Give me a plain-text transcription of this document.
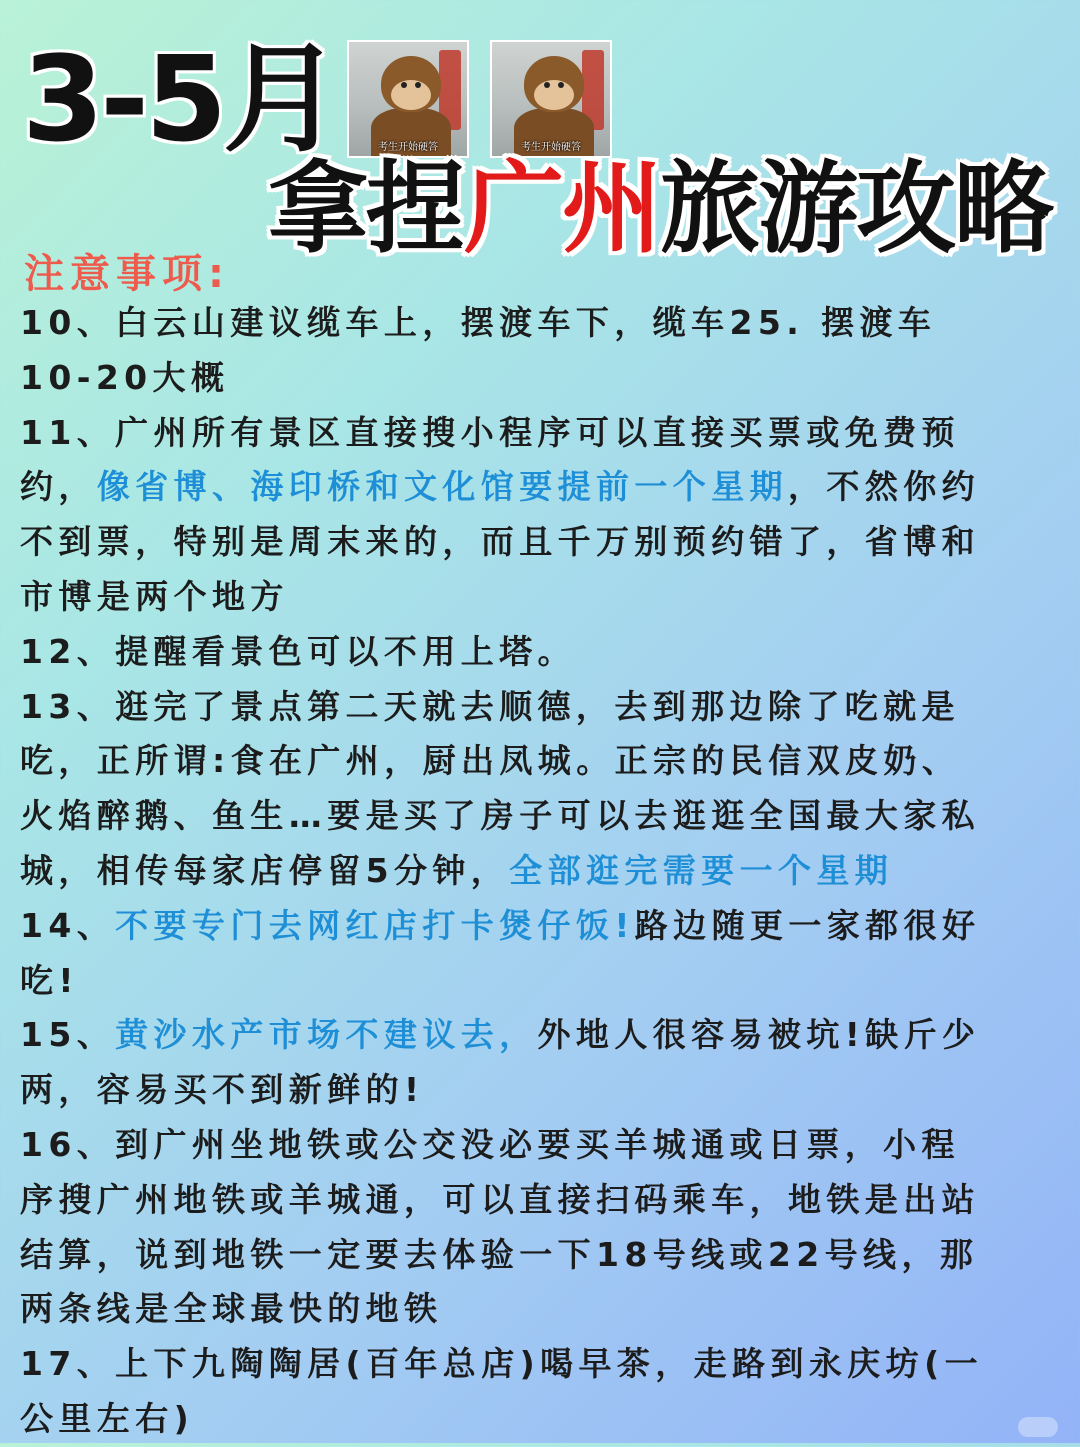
3-5月	考生开始硬答	考生开始硬答
拿捏广州旅游攻略
注意事项:
10、白云山建议缆车上，摆渡车下，缆车25. 摆渡车
10-20大概
11、广州所有景区直接搜小程序可以直接买票或免费预
约，像省博、海印桥和文化馆要提前一个星期，不然你约
不到票，特别是周末来的，而且千万别预约错了，省博和
市博是两个地方
12、提醒看景色可以不用上塔。
13、逛完了景点第二天就去顺德，去到那边除了吃就是
吃，正所谓:食在广州，厨出凤城。正宗的民信双皮奶、
火焰醉鹅、鱼生…要是买了房子可以去逛逛全国最大家私
城，相传每家店停留5分钟，全部逛完需要一个星期
14、不要专门去网红店打卡煲仔饭!路边随更一家都很好
吃!
15、黄沙水产市场不建议去，外地人很容易被坑!缺斤少
两，容易买不到新鲜的!
16、到广州坐地铁或公交没必要买羊城通或日票，小程
序搜广州地铁或羊城通，可以直接扫码乘车，地铁是出站
结算，说到地铁一定要去体验一下18号线或22号线，那
两条线是全球最快的地铁
17、上下九陶陶居(百年总店)喝早茶，走路到永庆坊(一
公里左右)
